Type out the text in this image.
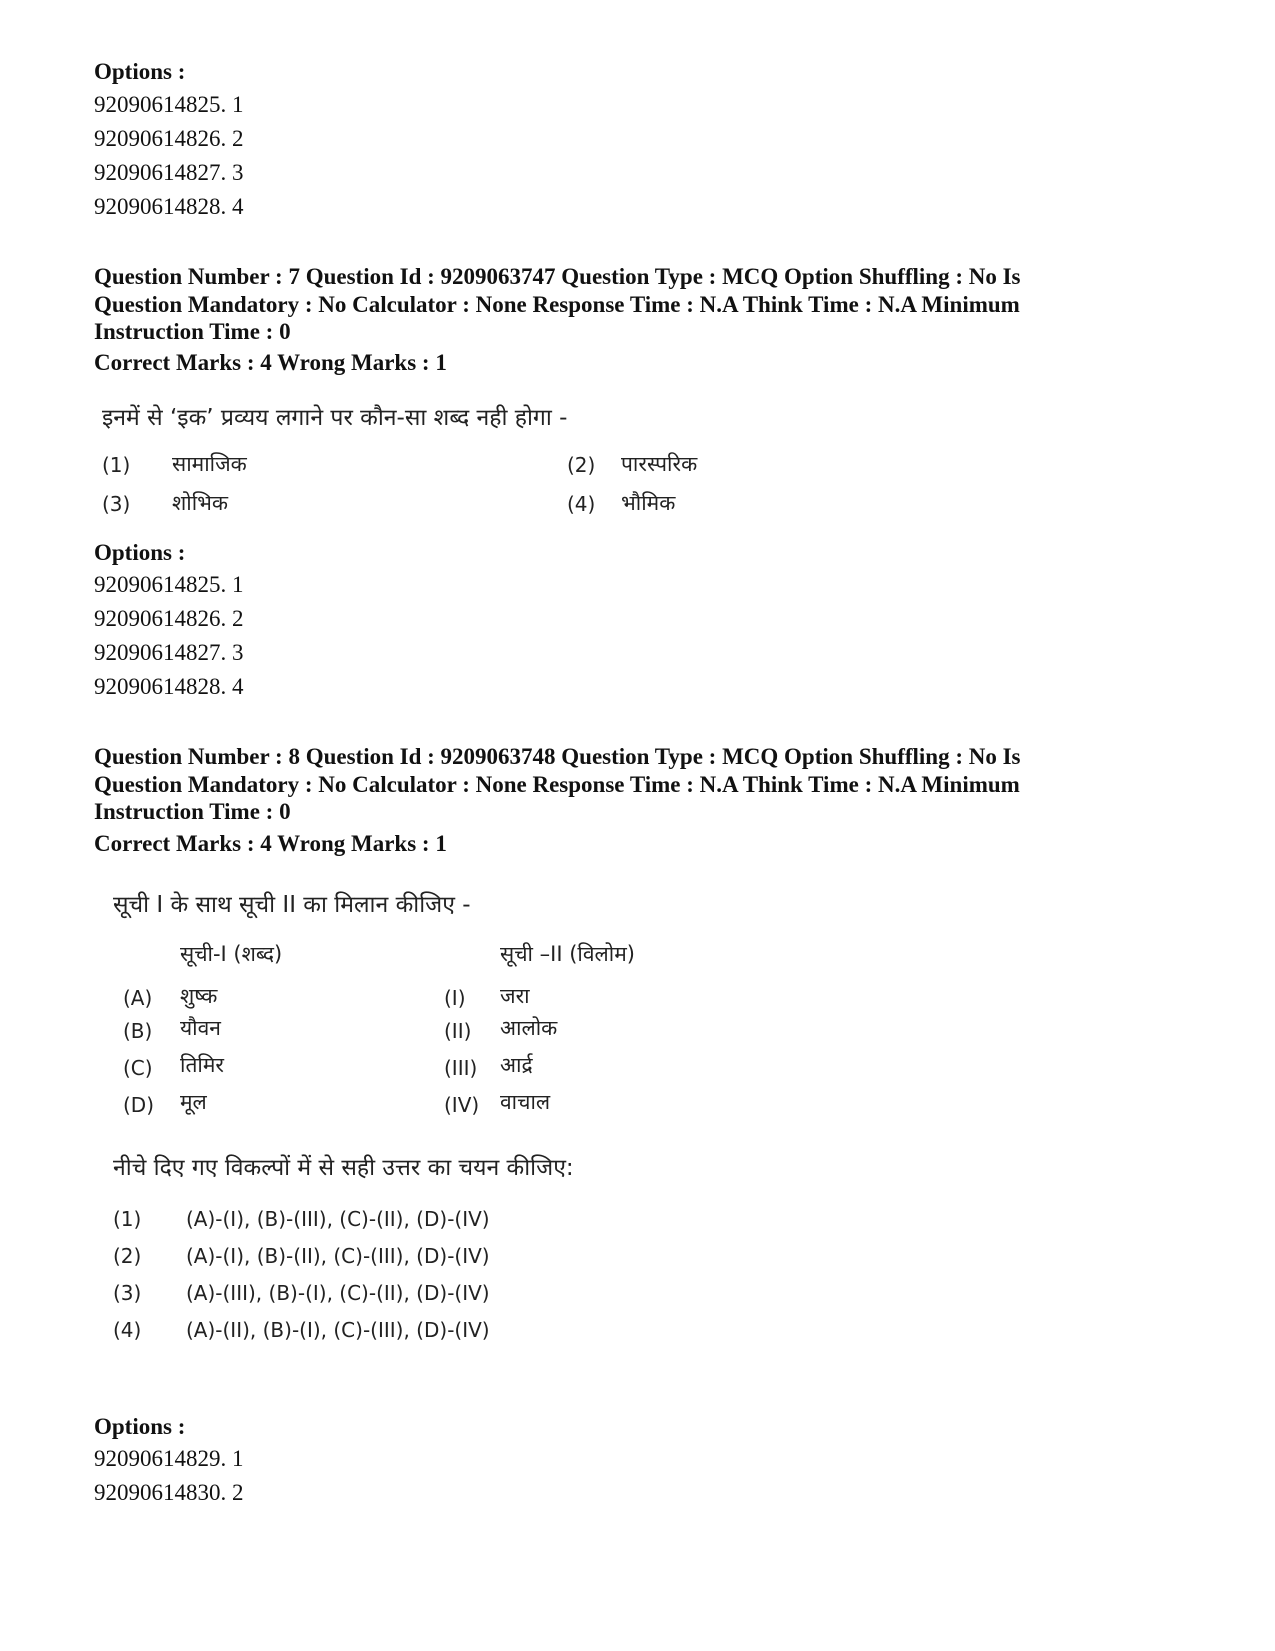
Options :
92090614825. 1
92090614826. 2
92090614827. 3
92090614828. 4
Question Number : 7 Question Id : 9209063747 Question Type : MCQ Option Shuffling : No Is Question Mandatory : No Calculator : None Response Time : N.A Think Time : N.A Minimum Instruction Time : 0
Correct Marks : 4 Wrong Marks : 1
इनमें से ‘इक’ प्रव्यय लगाने पर कौन-सा शब्द नही होगा -
(1) सामाजिक	(2) पारस्परिक
(3) शोभिक	(4) भौमिक
Options :
92090614825. 1
92090614826. 2
92090614827. 3
92090614828. 4
Question Number : 8 Question Id : 9209063748 Question Type : MCQ Option Shuffling : No Is Question Mandatory : No Calculator : None Response Time : N.A Think Time : N.A Minimum Instruction Time : 0
Correct Marks : 4 Wrong Marks : 1
सूची I के साथ सूची II का मिलान कीजिए -
सूची-I (शब्द)	सूची –II (विलोम)
(A) शुष्क	(I) जरा
(B) यौवन	(II) आलोक
(C) तिमिर	(III) आर्द्र
(D) मूल	(IV) वाचाल
नीचे दिए गए विकल्पों में से सही उत्तर का चयन कीजिए:
(1) (A)-(I), (B)-(III), (C)-(II), (D)-(IV)
(2) (A)-(I), (B)-(II), (C)-(III), (D)-(IV)
(3) (A)-(III), (B)-(I), (C)-(II), (D)-(IV)
(4) (A)-(II), (B)-(I), (C)-(III), (D)-(IV)
Options :
92090614829. 1
92090614830. 2
